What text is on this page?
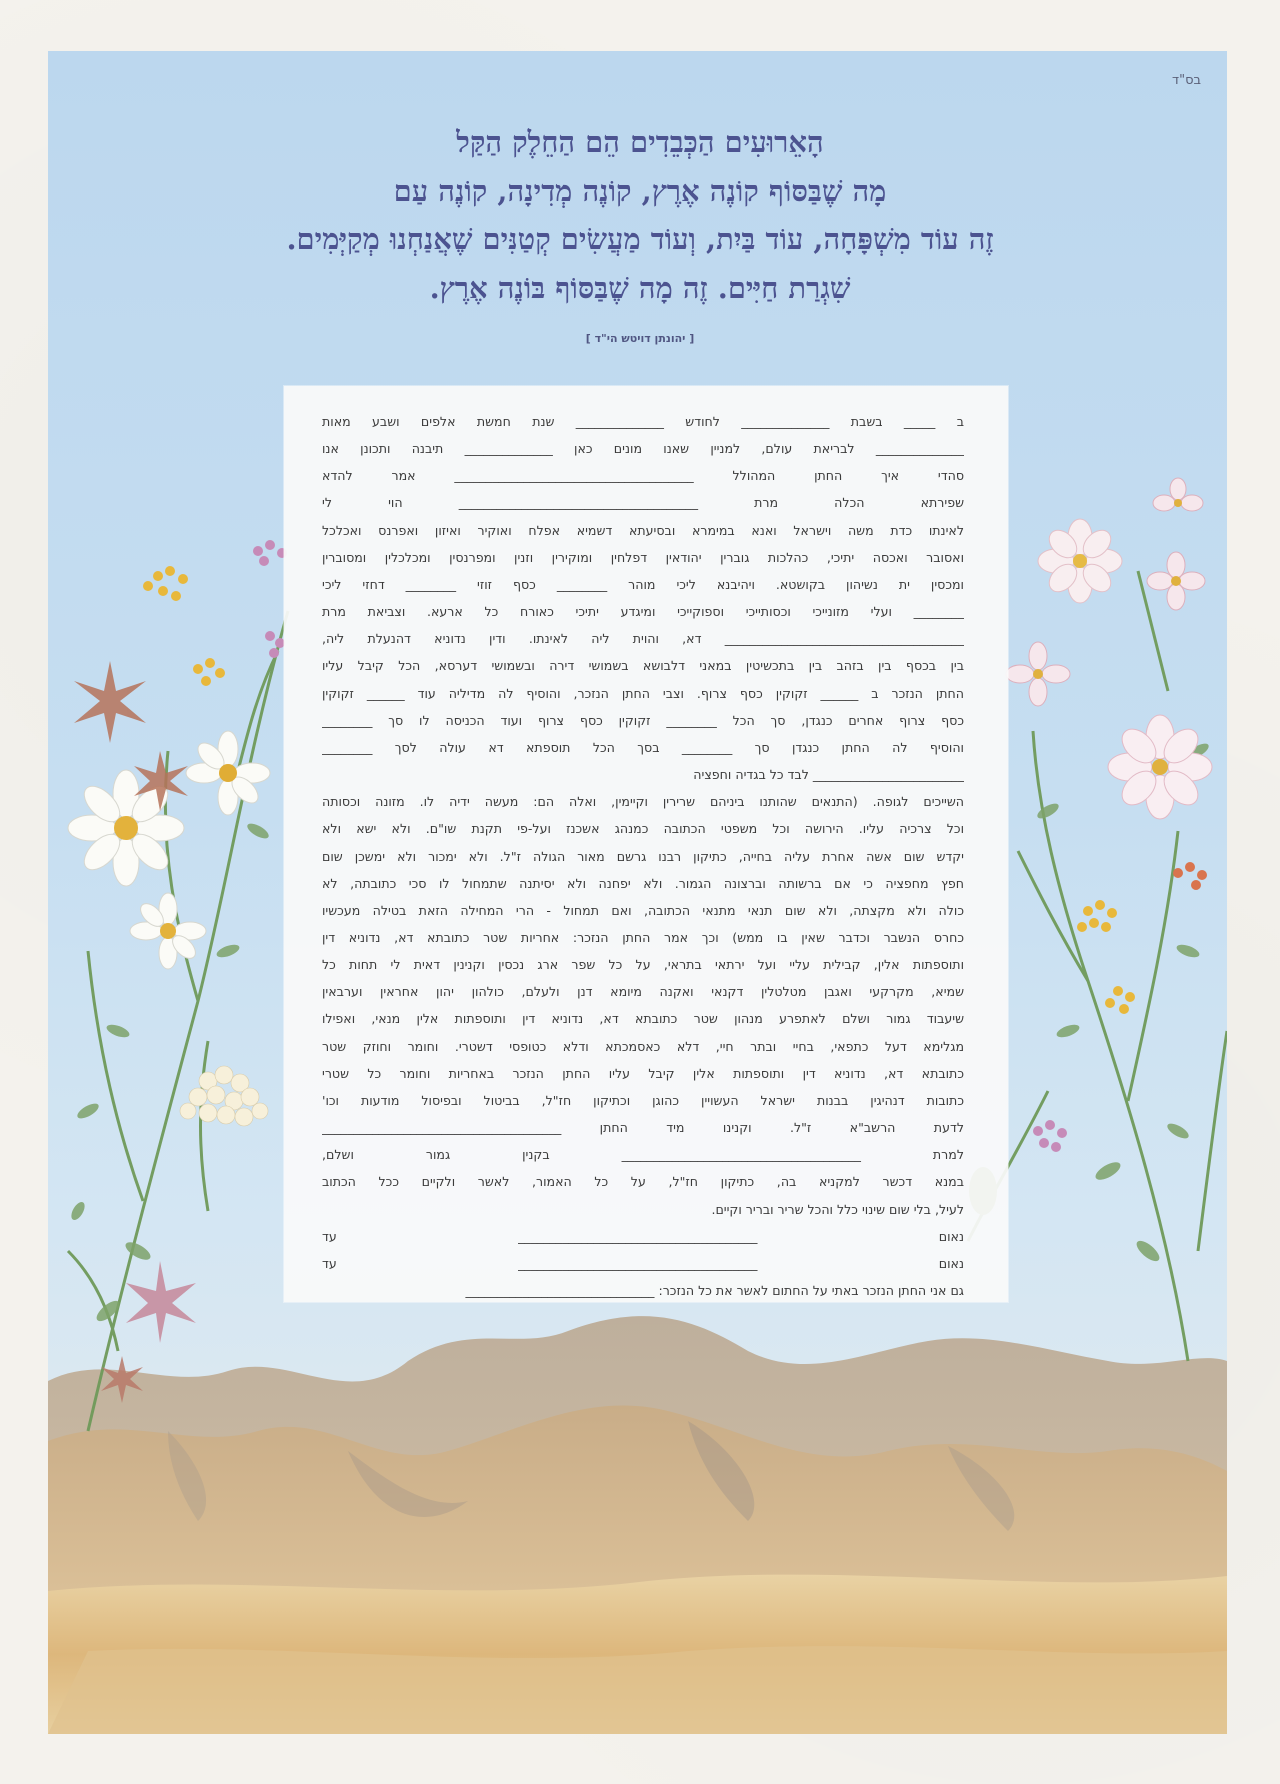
בס"ד
הָאֵרוּעִים הַכְּבֵדִים הֵם הַחֵלֶק הַקַּל
מָה שֶׁבַּסּוֹף קוֹנֶה אֶרֶץ, קוֹנֶה מְדִינָה, קוֹנֶה עַם
זֶה עוֹד מִשְׁפָּחָה, עוֹד בַּיִת, וְעוֹד מַעֲשִׂים קְטַנִּים שֶׁאֲנַחְנוּ מְקַיְּמִים.
שִׁגְרַת חַיִּים. זֶה מָה שֶׁבַּסּוֹף בּוֹנֶה אֶרֶץ.
[ יהונתן דויטש הי"ד ]
ב _____ בשבת ______________ לחודש ______________ שנת חמשת אלפים ושבע מאות
______________ לבריאת עולם, למניין שאנו מונים כאן ______________ תיבנה ותכונן אנו
סהדי איך החתן המהולל ______________________________________ אמר להדא
שפירתא הכלה מרת ______________________________________ הוי לי
לאינתו כדת משה וישראל ואנא במימרא ובסיעתא דשמיא אפלח ואוקיר ואיזון ואפרנס ואכלכל
ואסובר ואכסה יתיכי, כהלכות גוברין יהודאין דפלחין ומוקירין וזנין ומפרנסין ומכלכלין ומסוברין
ומכסין ית נשיהון בקושטא. ויהיבנא ליכי מוהר ________ כסף זוזי ________ דחזי ליכי
________ ועלי מזונייכי וכסותייכי וספוקייכי ומיגדע יתיכי כאורח כל ארעא. וצביאת מרת
______________________________________ דא, והוית ליה לאינתו. ודין נדוניא דהנעלת ליה,
בין בכסף בין בזהב בין בתכשיטין במאני דלבושא בשמושי דירה ובשמושי דערסא, הכל קיבל עליו
החתן הנזכר ב ______ זקוקין כסף צרוף. וצבי החתן הנזכר, והוסיף לה מדיליה עוד ______ זקוקין
כסף צרוף אחרים כנגדן, סך הכל ________ זקוקין כסף צרוף ועוד הכניסה לו סך ________
והוסיף לה החתן כנגדן סך ________ בסך הכל תוספתא דא עולה לסך ________
________________________ לבד כל בגדיה וחפציה
השייכים לגופה. (התנאים שהותנו ביניהם שרירין וקיימין, ואלה הם: מעשה ידיה לו. מזונה וכסותה
וכל צרכיה עליו. הירושה וכל משפטי הכתובה כמנהג אשכנז ועל-פי תקנת שו"ם. ולא ישא ולא
יקדש שום אשה אחרת עליה בחייה, כתיקון רבנו גרשם מאור הגולה ז"ל. ולא ימכור ולא ימשכן שום
חפץ מחפציה כי אם ברשותה וברצונה הגמור. ולא יפחנה ולא יסיתנה שתמחול לו סכי כתובתה, לא
כולה ולא מקצתה, ולא שום תנאי מתנאי הכתובה, ואם תמחול - הרי המחילה הזאת בטילה מעכשיו
כחרס הנשבר וכדבר שאין בו ממש) וכך אמר החתן הנזכר: אחריות שטר כתובתא דא, נדוניא דין
ותוספתות אלין, קבילית עליי ועל ירתאי בתראי, על כל שפר ארג נכסין וקנינין דאית לי תחות כל
שמיא, מקרקעי ואגבן מטלטלין דקנאי ואקנה מיומא דנן ולעלם, כולהון יהון אחראין וערבאין
שיעבוד גמור ושלם לאתפרע מנהון שטר כתובתא דא, נדוניא דין ותוספתות אלין מנאי, ואפילו
מגלימא דעל כתפאי, בחיי ובתר חיי, דלא כאסמכתא ודלא כטופסי דשטרי. וחומר וחוזק שטר
כתובתא דא, נדוניא דין ותוספתות אלין קיבל עליו החתן הנזכר באחריות וחומר כל שטרי
כתובות דנהיגין בבנות ישראל העשויין כהוגן וכתיקון חז"ל, בביטול ובפיסול מודעות וכו'
לדעת הרשב"א ז"ל. וקנינו מיד החתן ______________________________________
למרת ______________________________________ בקנין גמור ושלם,
במנא דכשר למקניא בה, כתיקון חז"ל, על כל האמור, לאשר ולקיים ככל הכתוב
לעיל, בלי שום שינוי כלל והכל שריר ובריר וקיים.
נאום ______________________________________ עד
נאום ______________________________________ עד
גם אני החתן הנזכר באתי על החתום לאשר את כל הנזכר: ______________________________
